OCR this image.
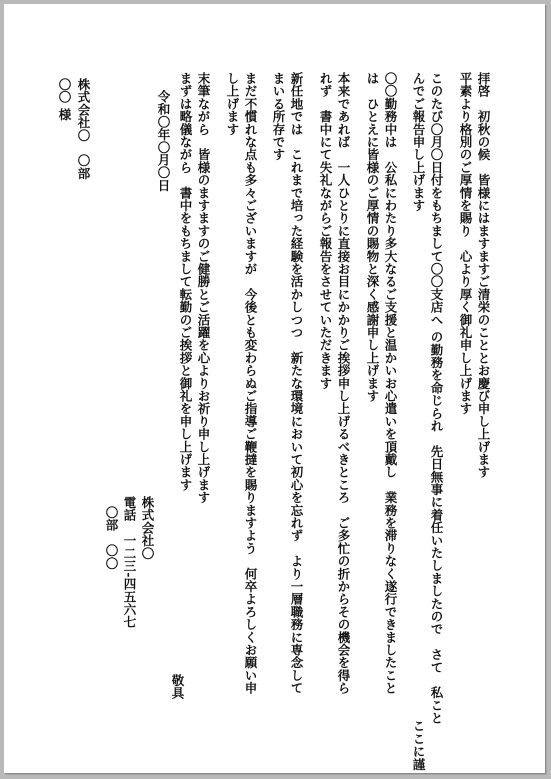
拝啓　初秋の候　皆様にはますますご清栄のこととお慶び申し上げます
平素より格別のご厚情を賜り　心より厚く御礼申し上げます
このたび〇月〇日付をもちまして〇〇支店へ の勤務を命じられ　先日無事に着任いたしましたので　さて　私こと
んでご報告申し上げます　　　　　　　　　　　　　　　　　　　　　　　　　　　　　　　　　　　　　　　　ここに謹
〇〇勤務中は　公私にわたり多大なるご支援と温かいお心遣いを頂戴し　業務を滞りなく遂行できましたこと
は　ひとえに皆様のご厚情の賜物と深く感謝申し上げます
本来であれば　一人ひとりに直接お目にかかりご挨拶申し上げるべきところ　ご多忙の折からその機会を得ら
れず　書中にて失礼ながらご報告をさせていただきます
新任地では　これまで培った経験を活かしつつ　新たな環境において初心を忘れず　より一層職務に専念して
まいる所存です
まだ不慣れな点も多々ございますが　今後とも変わらぬご指導ご鞭撻を賜りますよう　何卒よろしくお願い申
し上げます
末筆ながら　皆様のますますのご健勝とご活躍を心よりお祈り申し上げます
まずは略儀ながら　書中をもちまして転勤のご挨拶と御礼を申し上げます
敬具
株式会社〇
電話　一二三‐四五六七
〇部　〇〇
令和〇年〇月〇日
株式会社〇　〇部
〇〇 様
